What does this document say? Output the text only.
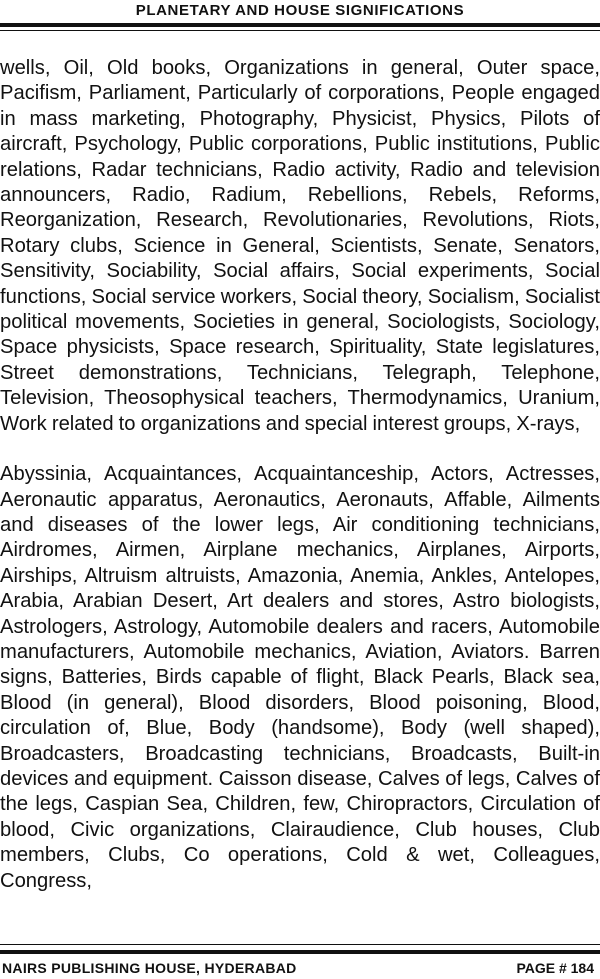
PLANETARY AND HOUSE SIGNIFICATIONS

wells, Oil, Old books, Organizations in general, Outer space, Pacifism, Parliament, Particularly of corporations, People engaged in mass marketing, Photography, Physicist, Physics, Pilots of aircraft, Psychology, Public corporations, Public institutions, Public relations, Radar technicians, Radio activity, Radio and television announcers, Radio, Radium, Rebellions, Rebels, Reforms, Reorganization, Research, Revolutionaries, Revolutions, Riots, Rotary clubs, Science in General, Scientists, Senate, Senators, Sensitivity, Sociability, Social affairs, Social experiments, Social functions, Social service workers, Social theory, Socialism, Socialist political movements, Societies in general, Sociologists, Sociology, Space physicists, Space research, Spirituality, State legislatures, Street demonstrations, Technicians, Telegraph, Telephone, Television, Theosophysical teachers, Thermodynamics, Uranium, Work related to organizations and special interest groups, X-rays,

Abyssinia, Acquaintances, Acquaintanceship, Actors, Actresses, Aeronautic apparatus, Aeronautics, Aeronauts, Affable, Ailments and diseases of the lower legs, Air conditioning technicians, Airdromes, Airmen, Airplane mechanics, Airplanes, Airports, Airships, Altruism altruists, Amazonia, Anemia, Ankles, Antelopes, Arabia, Arabian Desert, Art dealers and stores, Astro biologists, Astrologers, Astrology, Automobile dealers and racers, Automobile manufacturers, Automobile mechanics, Aviation, Aviators. Barren signs, Batteries, Birds capable of flight, Black Pearls, Black sea, Blood (in general), Blood disorders, Blood poisoning, Blood, circulation of, Blue, Body (handsome), Body (well shaped), Broadcasters, Broadcasting technicians, Broadcasts, Built-in devices and equipment. Caisson disease, Calves of legs, Calves of the legs, Caspian Sea, Children, few, Chiropractors, Circulation of blood, Civic organizations, Clairaudience, Club houses, Club members, Clubs, Co operations, Cold & wet, Colleagues, Congress,

NAIRS PUBLISHING HOUSE, HYDERABAD	PAGE # 184
